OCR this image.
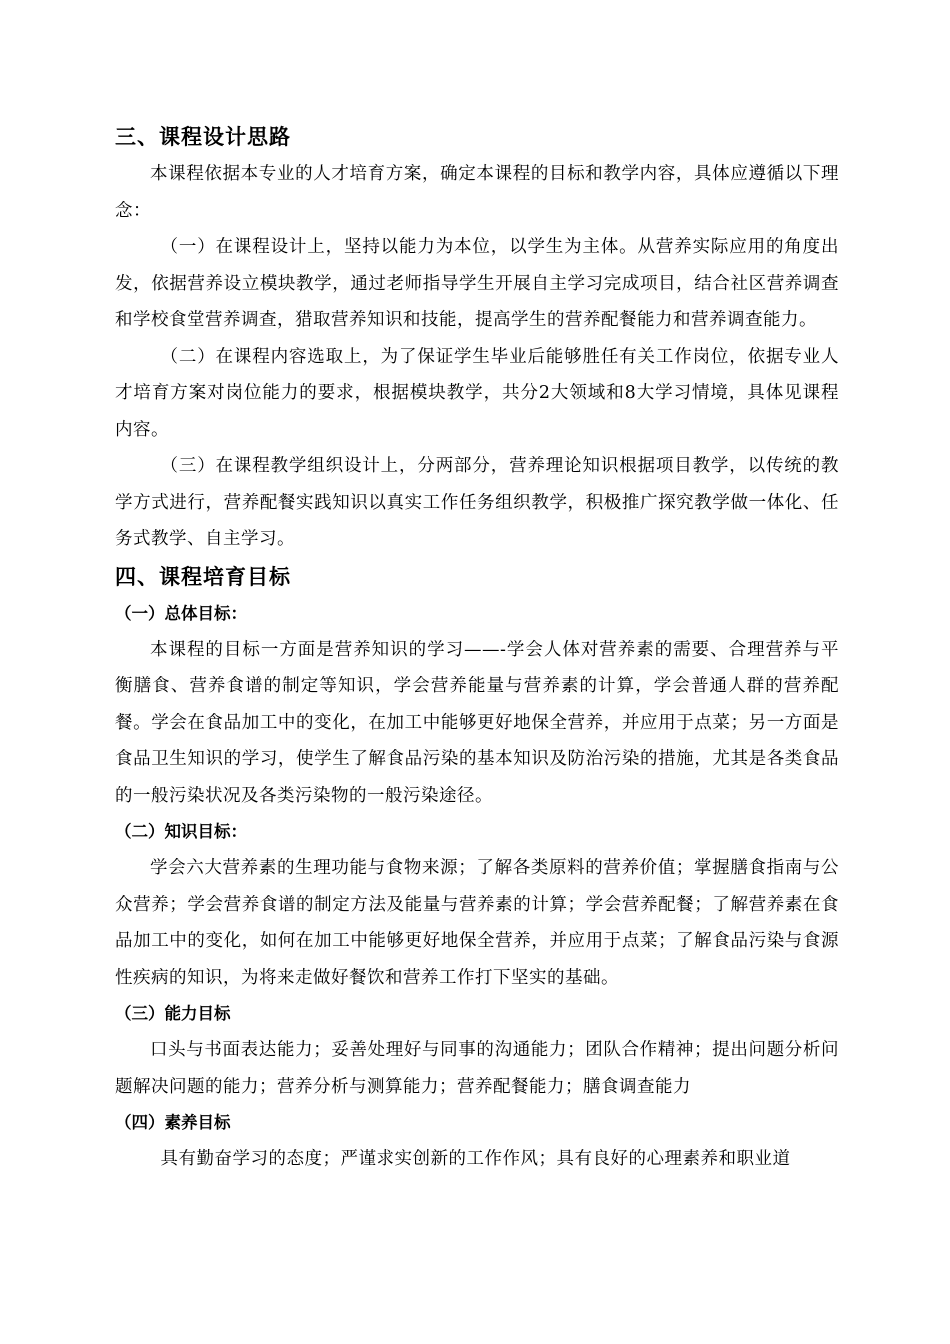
三、课程设计思路

本课程依据本专业的人才培育方案，确定本课程的目标和教学内容，具体应遵循以下理念：

（一）在课程设计上，坚持以能力为本位，以学生为主体。从营养实际应用的角度出发，依据营养设立模块教学，通过老师指导学生开展自主学习完成项目，结合社区营养调查和学校食堂营养调查，猎取营养知识和技能，提高学生的营养配餐能力和营养调查能力。

（二）在课程内容选取上，为了保证学生毕业后能够胜任有关工作岗位，依据专业人才培育方案对岗位能力的要求，根据模块教学，共分2大领域和8大学习情境，具体见课程内容。

（三）在课程教学组织设计上，分两部分，营养理论知识根据项目教学，以传统的教学方式进行，营养配餐实践知识以真实工作任务组织教学，积极推广探究教学做一体化、任务式教学、自主学习。

四、课程培育目标
（一）总体目标：

本课程的目标一方面是营养知识的学习——-学会人体对营养素的需要、合理营养与平衡膳食、营养食谱的制定等知识，学会营养能量与营养素的计算，学会普通人群的营养配餐。学会在食品加工中的变化，在加工中能够更好地保全营养，并应用于点菜；另一方面是食品卫生知识的学习，使学生了解食品污染的基本知识及防治污染的措施，尤其是各类食品的一般污染状况及各类污染物的一般污染途径。

（二）知识目标：

学会六大营养素的生理功能与食物来源；了解各类原料的营养价值；掌握膳食指南与公众营养；学会营养食谱的制定方法及能量与营养素的计算；学会营养配餐；了解营养素在食品加工中的变化，如何在加工中能够更好地保全营养，并应用于点菜；了解食品污染与食源性疾病的知识，为将来走做好餐饮和营养工作打下坚实的基础。

（三）能力目标

口头与书面表达能力；妥善处理好与同事的沟通能力；团队合作精神；提出问题分析问题解决问题的能力；营养分析与测算能力；营养配餐能力；膳食调查能力

（四）素养目标

具有勤奋学习的态度；严谨求实创新的工作作风；具有良好的心理素养和职业道
